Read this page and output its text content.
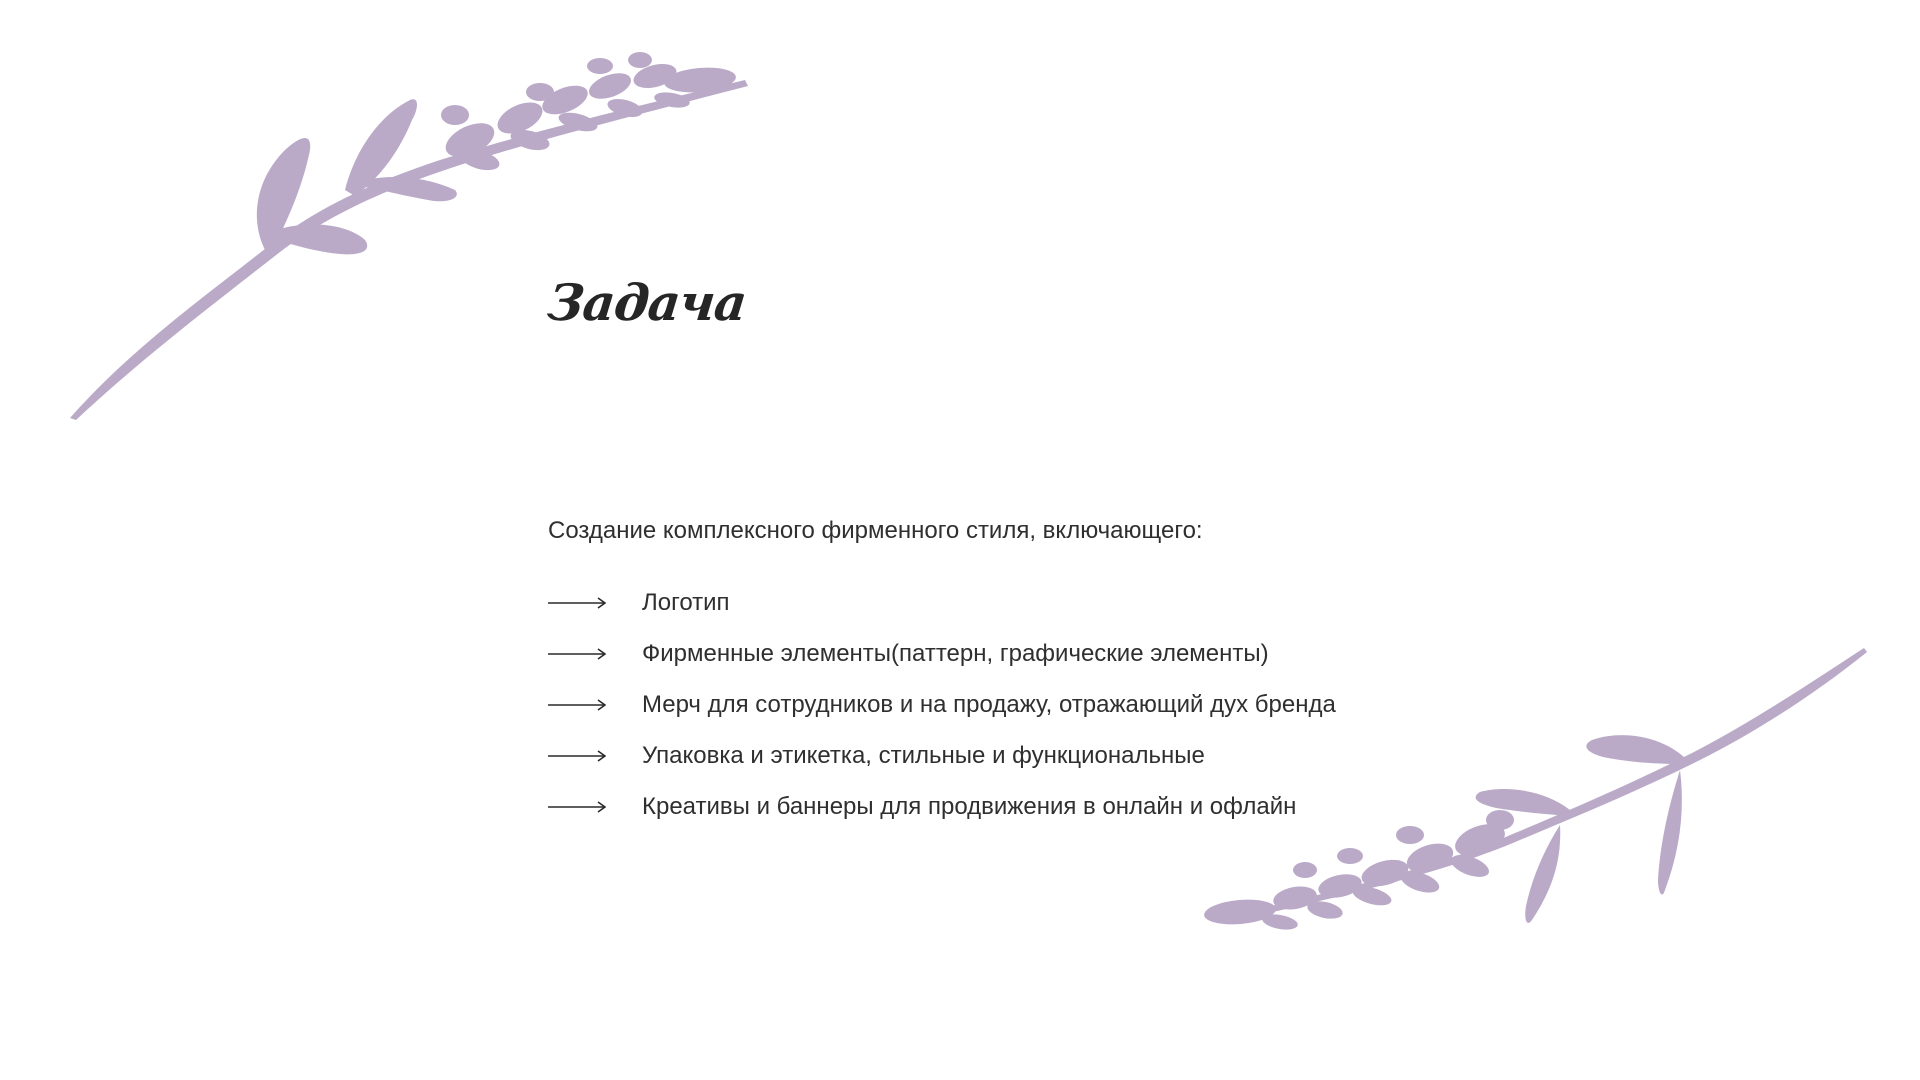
Задача
Создание комплексного фирменного стиля, включающего:
Логотип
Фирменные элементы(паттерн, графические элементы)
Мерч для сотрудников и на продажу, отражающий дух бренда
Упаковка и этикетка, стильные и функциональные
Креативы и баннеры для продвижения в онлайн и офлайн
